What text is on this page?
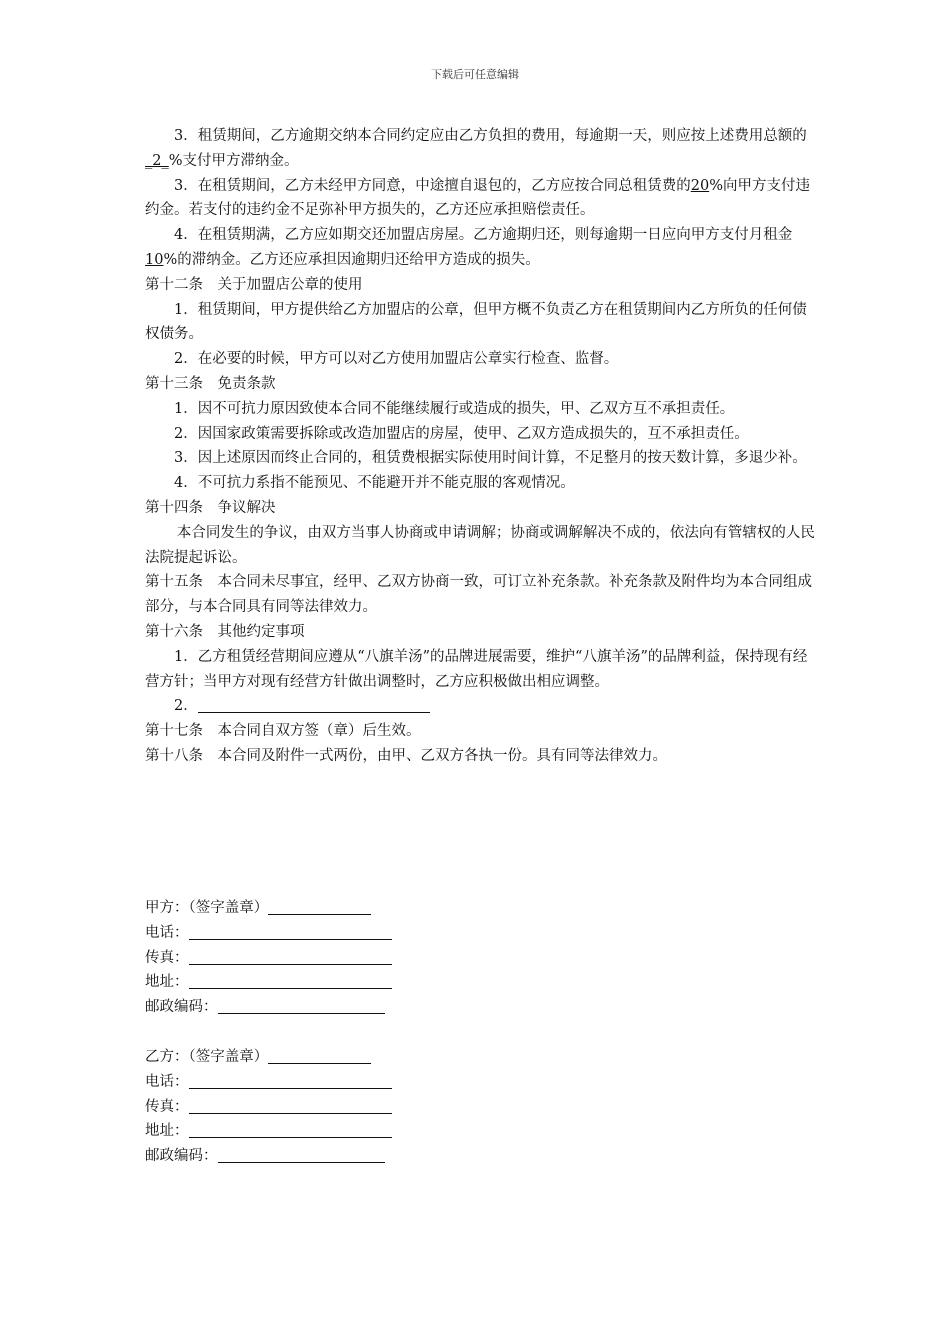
下载后可任意编辑

3．租赁期间，乙方逾期交纳本合同约定应由乙方负担的费用，每逾期一天，则应按上述费用总额的_2_%支付甲方滞纳金。

3．在租赁期间，乙方未经甲方同意，中途擅自退包的，乙方应按合同总租赁费的20%向甲方支付违约金。若支付的违约金不足弥补甲方损失的，乙方还应承担赔偿责任。

4．在租赁期满，乙方应如期交还加盟店房屋。乙方逾期归还，则每逾期一日应向甲方支付月租金10%的滞纳金。乙方还应承担因逾期归还给甲方造成的损失。

第十二条　关于加盟店公章的使用

1．租赁期间，甲方提供给乙方加盟店的公章，但甲方概不负责乙方在租赁期间内乙方所负的任何债权债务。

2．在必要的时候，甲方可以对乙方使用加盟店公章实行检查、监督。

第十三条　免责条款

1．因不可抗力原因致使本合同不能继续履行或造成的损失，甲、乙双方互不承担责任。

2．因国家政策需要拆除或改造加盟店的房屋，使甲、乙双方造成损失的，互不承担责任。

3．因上述原因而终止合同的，租赁费根据实际使用时间计算，不足整月的按天数计算，多退少补。

4．不可抗力系指不能预见、不能避开并不能克服的客观情况。

第十四条　争议解决

本合同发生的争议，由双方当事人协商或申请调解；协商或调解解决不成的，依法向有管辖权的人民法院提起诉讼。

第十五条　本合同未尽事宜，经甲、乙双方协商一致，可订立补充条款。补充条款及附件均为本合同组成部分，与本合同具有同等法律效力。

第十六条　其他约定事项

1．乙方租赁经营期间应遵从“八旗羊汤”的品牌进展需要，维护“八旗羊汤”的品牌利益，保持现有经营方针；当甲方对现有经营方针做出调整时，乙方应积极做出相应调整。

2．

第十七条　本合同自双方签（章）后生效。

第十八条　本合同及附件一式两份，由甲、乙双方各执一份。具有同等法律效力。

甲方：（签字盖章）

电话：

传真：

地址：

邮政编码：

乙方：（签字盖章）

电话：

传真：

地址：

邮政编码：
